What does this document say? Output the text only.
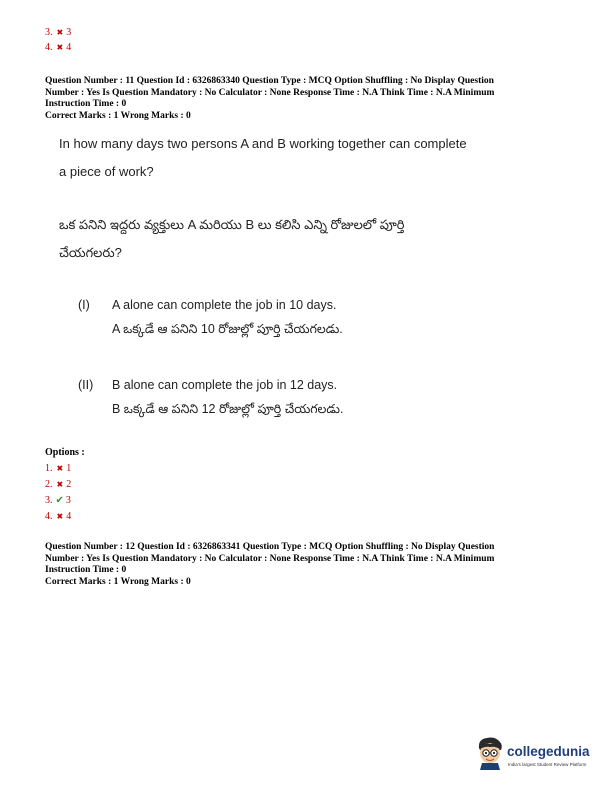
3. ✖ 3
4. ✖ 4
Question Number : 11 Question Id : 6326863340 Question Type : MCQ Option Shuffling : No Display Question
Number : Yes Is Question Mandatory : No Calculator : None Response Time : N.A Think Time : N.A Minimum
Instruction Time : 0
Correct Marks : 1 Wrong Marks : 0
In how many days two persons A and B working together can complete
a piece of work?
ఒక పనిని ఇద్దరు వ్యక్తులు A మరియు B లు కలిసి ఎన్ని రోజులలో పూర్తి
చేయగలరు?
(I) A alone can complete the job in 10 days.
A ఒక్కడే ఆ పనిని 10 రోజుల్లో పూర్తి చేయగలడు.
(II) B alone can complete the job in 12 days.
B ఒక్కడే ఆ పనిని 12 రోజుల్లో పూర్తి చేయగలడు.
Options :
1. ✖ 1
2. ✖ 2
3. ✔ 3
4. ✖ 4
Question Number : 12 Question Id : 6326863341 Question Type : MCQ Option Shuffling : No Display Question
Number : Yes Is Question Mandatory : No Calculator : None Response Time : N.A Think Time : N.A Minimum
Instruction Time : 0
Correct Marks : 1 Wrong Marks : 0
collegedunia
India's largest Student Review Platform
